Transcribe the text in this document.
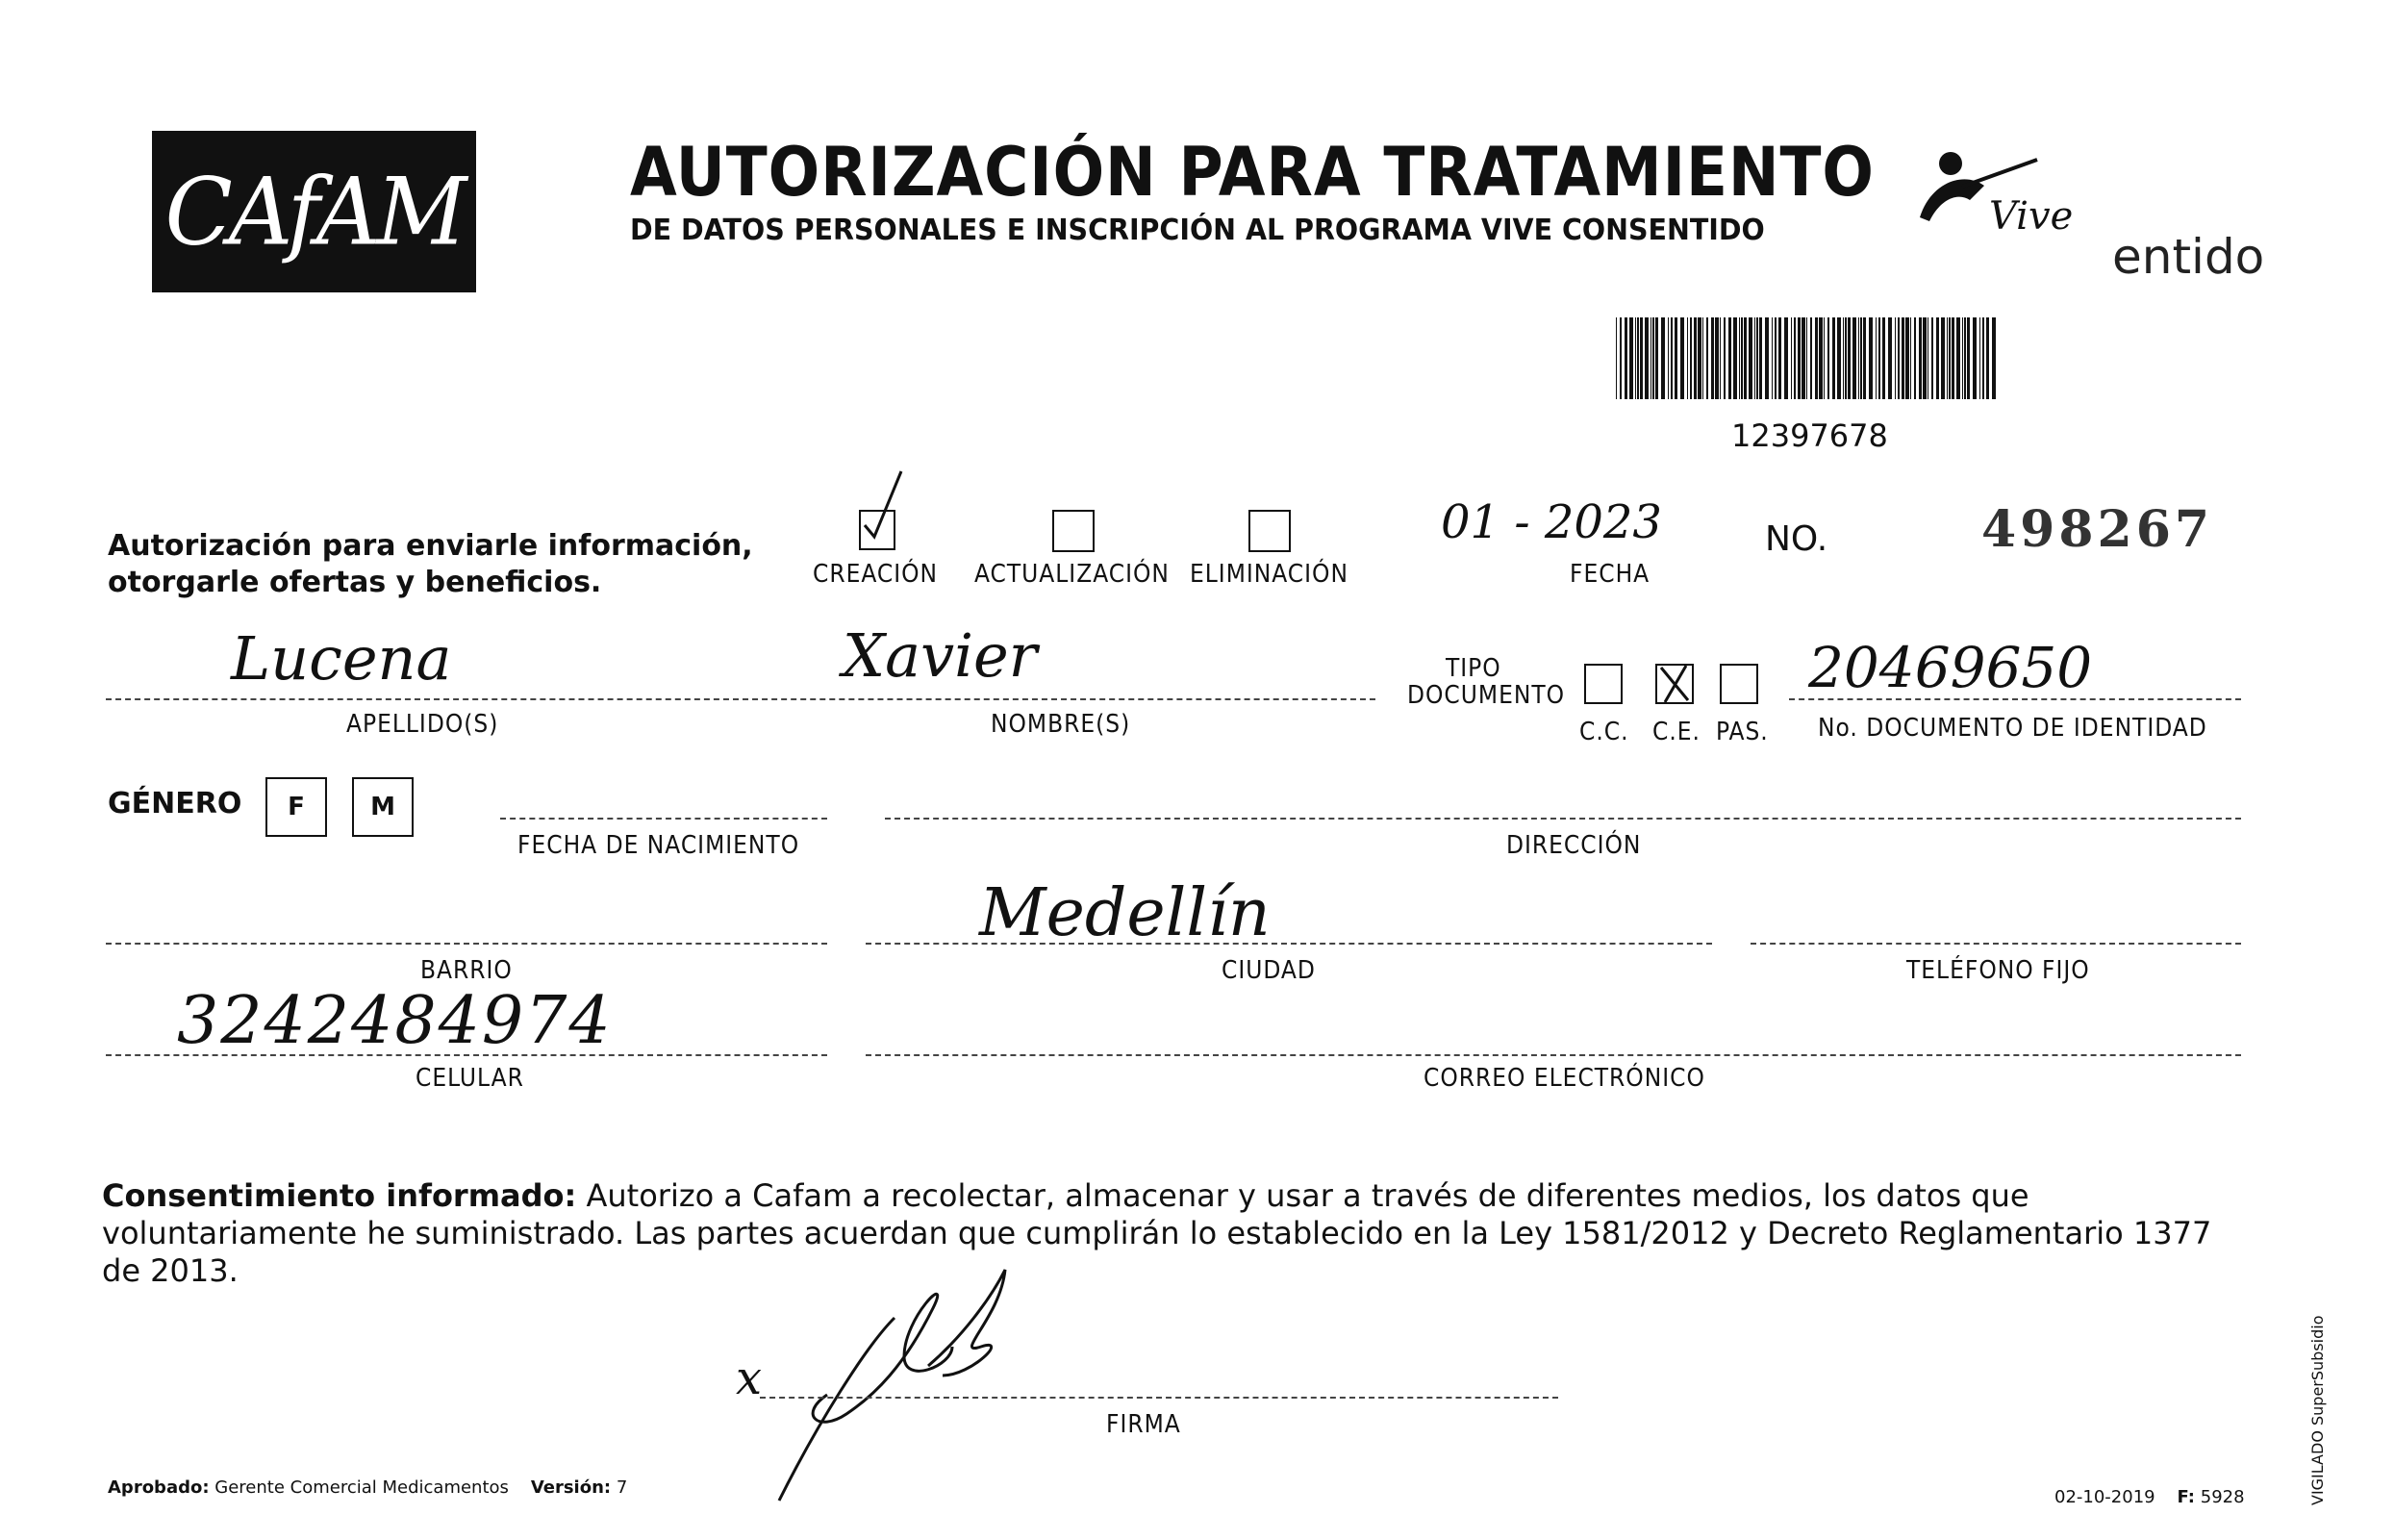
CAfAM AUTORIZACIÓN PARA TRATAMIENTO
DE DATOS PERSONALES E INSCRIPCIÓN AL PROGRAMA VIVE CONSENTIDO	Vive
entido
12397678
Autorización para enviarle información,
otorgarle ofertas y beneficios.	CREACIÓN ACTUALIZACIÓN ELIMINACIÓN
01 - 2023
FECHA
NO.	498267
Lucena
APELLIDO(S)
Xavier
NOMBRE(S)
TIPO
DOCUMENTO
C.C. C.E. PAS.
20469650
No. DOCUMENTO DE IDENTIDAD
GÉNERO	F	M
FECHA DE NACIMIENTO	DIRECCIÓN
BARRIO
Medellín
CIUDAD	TELÉFONO FIJO
3242484974
CELULAR	CORREO ELECTRÓNICO
Consentimiento informado: Autorizo a Cafam a recolectar, almacenar y usar a través de diferentes medios, los datos que voluntariamente he suministrado. Las partes acuerdan que cumplirán lo establecido en la Ley 1581/2012 y Decreto Reglamentario 1377 de 2013.
x
FIRMA
Aprobado: Gerente Comercial Medicamentos Versión: 7	02-10-2019 F: 5928	VIGILADO SuperSubsidio
